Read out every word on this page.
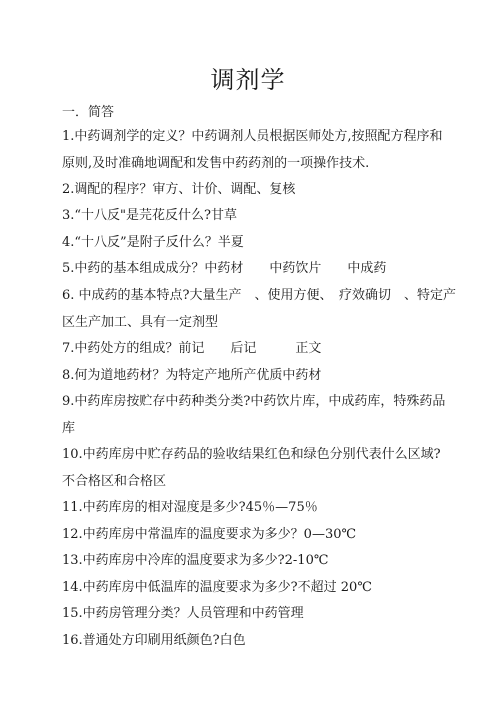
调剂学
一．简答
1.中药调剂学的定义？中药调剂人员根据医师处方,按照配方程序和
原则,及时准确地调配和发售中药药剂的一项操作技术.
2.调配的程序？审方、计价、调配、复核
3.“十八反"是芫花反什么?甘草
4.“十八反”是附子反什么？半夏
5.中药的基本组成成分？中药材　　中药饮片　　中成药
6. 中成药的基本特点?大量生产　、使用方便、　疗效确切　、特定产
区生产加工、具有一定剂型
7.中药处方的组成？前记　　后记　　　正文
8.何为道地药材？为特定产地所产优质中药材
9.中药库房按贮存中药种类分类?中药饮片库，中成药库，特殊药品
库
10.中药库房中贮存药品的验收结果红色和绿色分别代表什么区域?
不合格区和合格区
11.中药库房的相对湿度是多少?45％—75％
12.中药库房中常温库的温度要求为多少？0—30℃
13.中药库房中冷库的温度要求为多少?2-10℃
14.中药库房中低温库的温度要求为多少?不超过 20℃
15.中药房管理分类？人员管理和中药管理
16.普通处方印刷用纸颜色?白色
